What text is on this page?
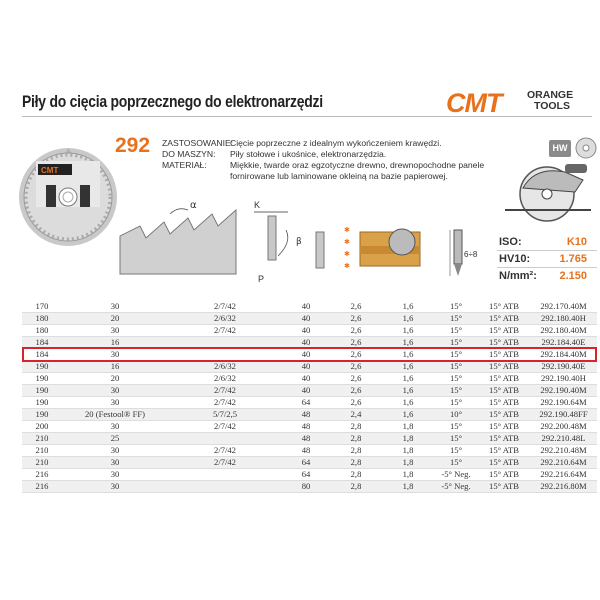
Piły do cięcia poprzecznego do elektronarzędzi	CMT ORANGE
TOOLS
CMT
292 ZASTOSOWANIE:
DO MASZYN:
MATERIAŁ:
Cięcie poprzeczne z idealnym wykończeniem krawędzi.
Piły stołowe i ukośnice, elektronarzędzia.
Miękkie, twarde oraz egzotyczne drewno, drewnopochodne panele
fornirowane lub laminowane okleiną na bazie papierowej.
HW
α	K
P
β
✱
✱
✱
✱
6÷8
ISO:	K10
HV10:	1.765
N/mm²:	2.150
170	30	2/7/42	40	2,6	1,6	15°	15° ATB	292.170.40M
180	20	2/6/32	40	2,6	1,6	15°	15° ATB	292.180.40H
180	30	2/7/42	40	2,6	1,6	15°	15° ATB	292.180.40M
184	16		40	2,6	1,6	15°	15° ATB	292.184.40E
184	30		40	2,6	1,6	15°	15° ATB	292.184.40M
190	16	2/6/32	40	2,6	1,6	15°	15° ATB	292.190.40E
190	20	2/6/32	40	2,6	1,6	15°	15° ATB	292.190.40H
190	30	2/7/42	40	2,6	1,6	15°	15° ATB	292.190.40M
190	30	2/7/42	64	2,6	1,6	15°	15° ATB	292.190.64M
190	20 (Festool® FF)	5/7/2,5	48	2,4	1,6	10°	15° ATB	292.190.48FF
200	30	2/7/42	48	2,8	1,8	15°	15° ATB	292.200.48M
210	25		48	2,8	1,8	15°	15° ATB	292.210.48L
210	30	2/7/42	48	2,8	1,8	15°	15° ATB	292.210.48M
210	30	2/7/42	64	2,8	1,8	15°	15° ATB	292.210.64M
216	30		64	2,8	1,8	-5° Neg.	15° ATB	292.216.64M
216	30		80	2,8	1,8	-5° Neg.	15° ATB	292.216.80M
